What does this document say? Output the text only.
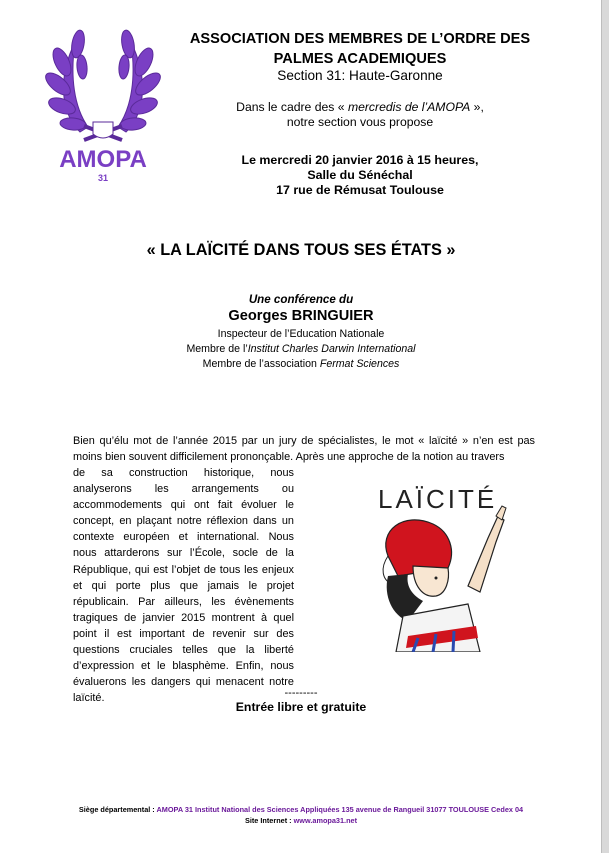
AMOPA
31
ASSOCIATION DES MEMBRES DE L’ORDRE DES
PALMES ACADEMIQUES
Section 31: Haute-Garonne
Dans le cadre des « mercredis de l’AMOPA »,
notre section vous propose
Le mercredi 20 janvier 2016 à 15 heures,
Salle du Sénéchal
17 rue de Rémusat Toulouse
« LA LAÏCITÉ DANS TOUS SES ÉTATS »
Une conférence du
Georges BRINGUIER
Inspecteur de l’Education Nationale
Membre de l’Institut Charles Darwin International
Membre de l’association Fermat Sciences
Bien qu’élu mot de l’année 2015 par un jury de spécialistes, le mot « laïcité » n’en est pas moins bien souvent difficilement prononçable. Après une approche de la notion au travers
de sa construction historique, nous analyserons les arrangements ou accommodements qui ont fait évoluer le concept, en plaçant notre réflexion dans un contexte européen et international. Nous nous attarderons sur l’École, socle de la République, qui est l’objet de tous les enjeux et qui porte plus que jamais le projet républicain. Par ailleurs, les évènements tragiques de janvier 2015 montrent à quel point il est important de revenir sur des questions cruciales telles que la liberté d’expression et le blasphème. Enfin, nous évaluerons les dangers qui menacent notre laïcité.
LAÏCITÉ
---------
Entrée libre et gratuite
Siège départemental : AMOPA 31 Institut National des Sciences Appliquées 135 avenue de Rangueil 31077 TOULOUSE Cedex 04
Site Internet : www.amopa31.net
